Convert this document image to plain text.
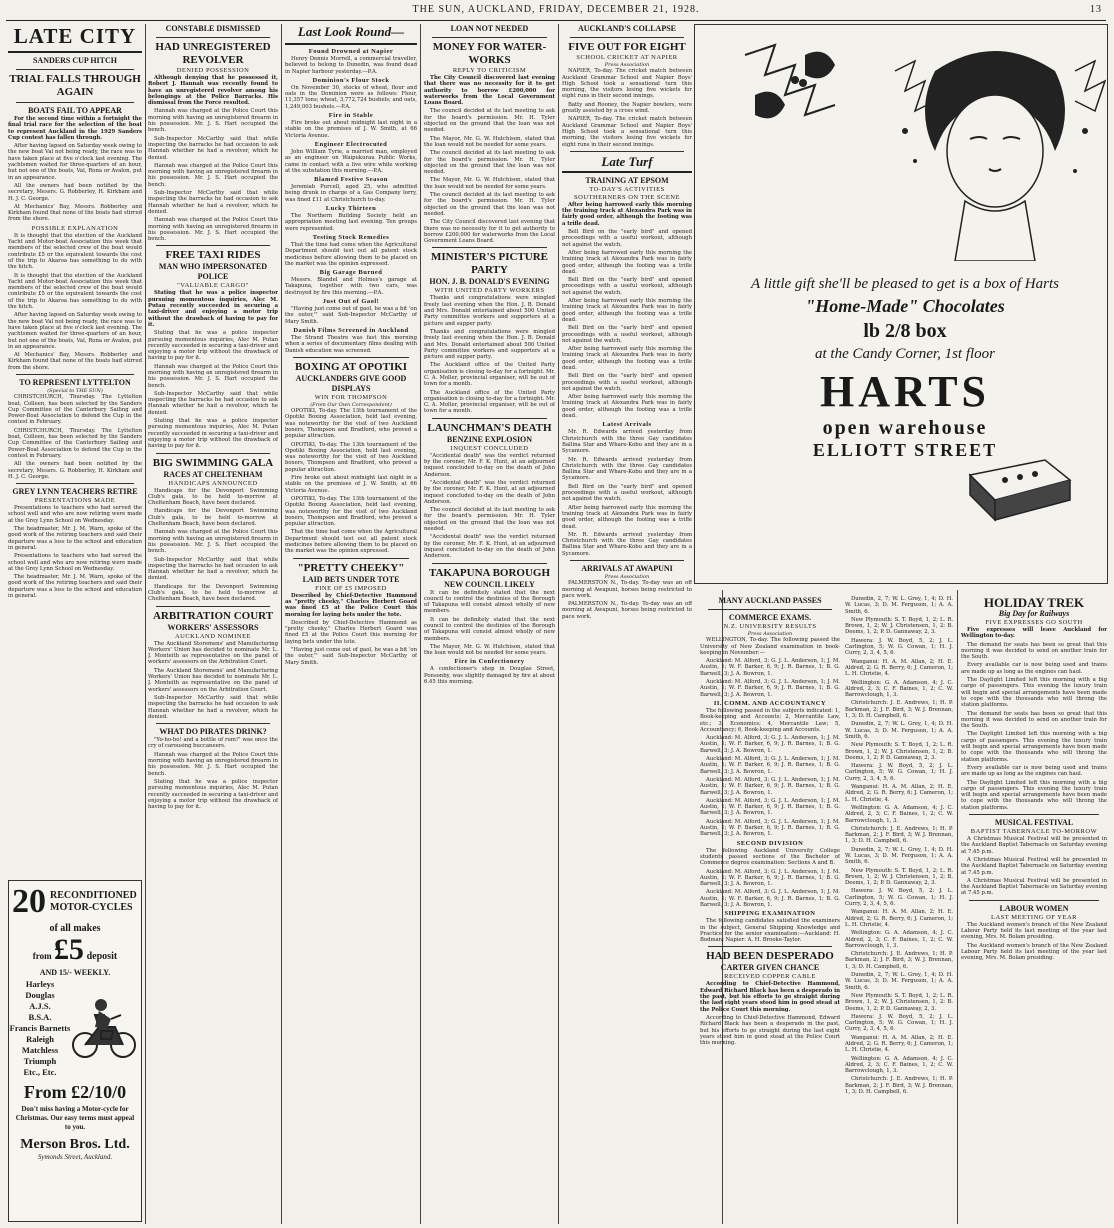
THE SUN, AUCKLAND, FRIDAY, DECEMBER 21, 1928.	13
LATE CITY
SANDERS CUP HITCH
TRIAL FALLS THROUGH AGAIN
BOATS FAIL TO APPEAR

For the second time within a fortnight the final trial race for the selection of the boat to represent Auckland in the 1929 Sanders Cup contest has fallen through.

After having lapsed on Saturday week owing to the new boat Val not being ready, the race was to have taken place at five o'clock last evening. The yachtsmen waited for three-quarters of an hour, but not one of the boats, Val, Rona or Avalon, put in an appearance.

All the owners had been notified by the secretary, Messrs. G. Robberley, H. Kirkham and H. J. C. George.

At Mechanics' Bay, Messrs. Robberley and Kirkham found that none of the boats had stirred from the shore.

POSSIBLE EXPLANATION

It is thought that the election of the Auckland Yacht and Motor-boat Association this week that members of the selected crew of the boat would contribute £5 or the equivalent towards the cost of the trip to Akaroa has something to do with the hitch.

It is thought that the election of the Auckland Yacht and Motor-boat Association this week that members of the selected crew of the boat would contribute £5 or the equivalent towards the cost of the trip to Akaroa has something to do with the hitch.

After having lapsed on Saturday week owing to the new boat Val not being ready, the race was to have taken place at five o'clock last evening. The yachtsmen waited for three-quarters of an hour, but not one of the boats, Val, Rona or Avalon, put in an appearance.

At Mechanics' Bay, Messrs. Robberley and Kirkham found that none of the boats had stirred from the shore.

TO REPRESENT LYTTELTON
(Special to THE SUN)

CHRISTCHURCH, Thursday. The Lyttelton boat, Colleen, has been selected by the Sanders Cup Committee of the Canterbury Sailing and Power-Boat Association to defend the Cup in the contest in February.

CHRISTCHURCH, Thursday. The Lyttelton boat, Colleen, has been selected by the Sanders Cup Committee of the Canterbury Sailing and Power-Boat Association to defend the Cup in the contest in February.

All the owners had been notified by the secretary, Messrs. G. Robberley, H. Kirkham and H. J. C. George.

GREY LYNN TEACHERS RETIRE
PRESENTATIONS MADE

Presentations to teachers who had served the school well and who are now retiring were made at the Grey Lynn School on Wednesday.

The headmaster, Mr. J. M. Warn, spoke of the good work of the retiring teachers and said their departure was a loss to the school and education in general.

Presentations to teachers who had served the school well and who are now retiring were made at the Grey Lynn School on Wednesday.

The headmaster, Mr. J. M. Warn, spoke of the good work of the retiring teachers and said their departure was a loss to the school and education in general.

20 RECONDITIONED
MOTOR-CYCLES
of all makes
from £5 deposit
AND 15/- WEEKLY.
Harleys
Douglas
A.J.S.
B.S.A.
Francis Barnetts
Raleigh
Matchless
Triumph
Etc., Etc.
From £2/10/0
Don't miss having a Motor-cycle for Christmas. Our easy terms must appeal to you.
Merson Bros. Ltd.
Symonds Street, Auckland.
CONSTABLE DISMISSED
HAD UNREGISTERED REVOLVER
DENIED POSSESSION

Although denying that he possessed it, Robert J. Hannah was recently found to have an unregistered revolver among his belongings at the Police Barracks. His dismissal from the Force resulted.

Hannah was charged at the Police Court this morning with having an unregistered firearm in his possession. Mr. J. S. Hart occupied the bench.

Sub-Inspector McCarthy said that while inspecting the barracks he had occasion to ask Hannah whether he had a revolver, which he denied.

Hannah was charged at the Police Court this morning with having an unregistered firearm in his possession. Mr. J. S. Hart occupied the bench.

Sub-Inspector McCarthy said that while inspecting the barracks he had occasion to ask Hannah whether he had a revolver, which he denied.

Hannah was charged at the Police Court this morning with having an unregistered firearm in his possession. Mr. J. S. Hart occupied the bench.

FREE TAXI RIDES
MAN WHO IMPERSONATED POLICE
"VALUABLE CARGO"

Stating that he was a police inspector pursuing momentous inquiries, Alec M. Putan recently succeeded in securing a taxi-driver and enjoying a motor trip without the drawback of having to pay for it.

Stating that he was a police inspector pursuing momentous inquiries, Alec M. Putan recently succeeded in securing a taxi-driver and enjoying a motor trip without the drawback of having to pay for it.

Hannah was charged at the Police Court this morning with having an unregistered firearm in his possession. Mr. J. S. Hart occupied the bench.

Sub-Inspector McCarthy said that while inspecting the barracks he had occasion to ask Hannah whether he had a revolver, which he denied.

Stating that he was a police inspector pursuing momentous inquiries, Alec M. Putan recently succeeded in securing a taxi-driver and enjoying a motor trip without the drawback of having to pay for it.

BIG SWIMMING GALA
RACES AT CHELTENHAM
HANDICAPS ANNOUNCED

Handicaps for the Devonport Swimming Club's gala, to be held to-morrow at Cheltenham Beach, have been declared.

Handicaps for the Devonport Swimming Club's gala, to be held to-morrow at Cheltenham Beach, have been declared.

Hannah was charged at the Police Court this morning with having an unregistered firearm in his possession. Mr. J. S. Hart occupied the bench.

Sub-Inspector McCarthy said that while inspecting the barracks he had occasion to ask Hannah whether he had a revolver, which he denied.

Handicaps for the Devonport Swimming Club's gala, to be held to-morrow at Cheltenham Beach, have been declared.

ARBITRATION COURT
WORKERS' ASSESSORS
AUCKLAND NOMINEE

The Auckland Storemens' and Manufacturing Workers' Union has decided to nominate Mr. L. J. Monteith as representative on the panel of workers' assessors on the Arbitration Court.

The Auckland Storemens' and Manufacturing Workers' Union has decided to nominate Mr. L. J. Monteith as representative on the panel of workers' assessors on the Arbitration Court.

Sub-Inspector McCarthy said that while inspecting the barracks he had occasion to ask Hannah whether he had a revolver, which he denied.

WHAT DO PIRATES DRINK?

"Yo-ho-ho! and a bottle of rum!" was once the cry of carousing buccaneers.

Hannah was charged at the Police Court this morning with having an unregistered firearm in his possession. Mr. J. S. Hart occupied the bench.

Stating that he was a police inspector pursuing momentous inquiries, Alec M. Putan recently succeeded in securing a taxi-driver and enjoying a motor trip without the drawback of having to pay for it.

Last Look Round—
Found Drowned at Napier

Henry Dennis Morrell, a commercial traveller, believed to belong to Dunedin, was found dead in Napier harbour yesterday.—P.A.

Dominion's Flour Stock

On November 30, stocks of wheat, flour and oats in the Dominion were as follows: Flour, 11,357 tons; wheat, 3,772,724 bushels; and oats, 1,249,003 bushels.—P.A.

Fire in Stable

Fire broke out about midnight last night in a stable on the premises of J. W. Smith, at 66 Victoria Avenue.

Engineer Electrocuted

John William Tyrie, a married man, employed as an engineer on Waipukurau Public Works, came in contact with a live wire while working at the substation this morning.—P.A.

Blamed Festive Season

Jeremiah Purcell, aged 25, who admitted being drunk in charge of a Gas Company lorry, was fined £11 at Christchurch to-day.

Lucky Thirteen

The Northern Building Society held an appropriation meeting last evening. Ten groups were represented.

Testing Stock Remedies

That the time had come when the Agricultural Department should test out all patent stock medicines before allowing them to be placed on the market was the opinion expressed.

Big Garage Burned

Messrs. Blandel and Holmes's garage at Takapuna, together with two cars, was destroyed by fire this morning.—P.A.

Just Out of Gaol!

"Having just come out of gaol, he was a bit 'on the outer,'" said Sub-Inspector McCarthy of Mary Smith.

Danish Films Screened in Auckland

The Strand Theatre was fast this morning when a series of documentary films dealing with Danish education was screened.

BOXING AT OPOTIKI
AUCKLANDERS GIVE GOOD DISPLAYS
WIN FOR THOMPSON
(From Our Own Correspondent)

OPOTIKI, To-day. The 13th tournament of the Opotiki Boxing Association, held last evening, was noteworthy for the visit of two Auckland boxers, Thompson and Bradford, who proved a popular attraction.

OPOTIKI, To-day. The 13th tournament of the Opotiki Boxing Association, held last evening, was noteworthy for the visit of two Auckland boxers, Thompson and Bradford, who proved a popular attraction.

Fire broke out about midnight last night in a stable on the premises of J. W. Smith, at 66 Victoria Avenue.

OPOTIKI, To-day. The 13th tournament of the Opotiki Boxing Association, held last evening, was noteworthy for the visit of two Auckland boxers, Thompson and Bradford, who proved a popular attraction.

That the time had come when the Agricultural Department should test out all patent stock medicines before allowing them to be placed on the market was the opinion expressed.

"PRETTY CHEEKY"
LAID BETS UNDER TOTE
FINE OF £5 IMPOSED

Described by Chief-Detective Hammond as "pretty cheeky," Charles Herbert Goard was fined £5 at the Police Court this morning for laying bets under the tote.

Described by Chief-Detective Hammond as "pretty cheeky," Charles Herbert Goard was fined £5 at the Police Court this morning for laying bets under the tote.

"Having just come out of gaol, he was a bit 'on the outer,'" said Sub-Inspector McCarthy of Mary Smith.

LOAN NOT NEEDED
MONEY FOR WATER-WORKS
REPLY TO CRITICISM

The City Council discovered last evening that there was no necessity for it to get authority to borrow £200,000 for waterworks from the Local Government Loans Board.

The council decided at its last meeting to ask for the board's permission. Mr. H. Tyler objected on the ground that the loan was not needed.

The Mayor, Mr. G. W. Hutchison, stated that the loan would not be needed for some years.

The council decided at its last meeting to ask for the board's permission. Mr. H. Tyler objected on the ground that the loan was not needed.

The Mayor, Mr. G. W. Hutchison, stated that the loan would not be needed for some years.

The council decided at its last meeting to ask for the board's permission. Mr. H. Tyler objected on the ground that the loan was not needed.

The City Council discovered last evening that there was no necessity for it to get authority to borrow £200,000 for waterworks from the Local Government Loans Board.

MINISTER'S PICTURE PARTY
HON. J. B. DONALD'S EVENING
WITH UNITED PARTY WORKERS

Thanks and congratulations were mingled freely last evening when the Hon. J. B. Donald and Mrs. Donald entertained about 500 United Party committee workers and supporters at a picture and supper party.

Thanks and congratulations were mingled freely last evening when the Hon. J. B. Donald and Mrs. Donald entertained about 500 United Party committee workers and supporters at a picture and supper party.

The Auckland office of the United Party organisation is closing to-day for a fortnight. Mr. C. A. Moller, provincial organiser, will be out of town for a month.

The Auckland office of the United Party organisation is closing to-day for a fortnight. Mr. C. A. Moller, provincial organiser, will be out of town for a month.

LAUNCHMAN'S DEATH
BENZINE EXPLOSION
INQUEST CONCLUDED

"Accidental death" was the verdict returned by the coroner, Mr. F. K. Hunt, at an adjourned inquest concluded to-day on the death of John Anderson.

"Accidental death" was the verdict returned by the coroner, Mr. F. K. Hunt, at an adjourned inquest concluded to-day on the death of John Anderson.

The council decided at its last meeting to ask for the board's permission. Mr. H. Tyler objected on the ground that the loan was not needed.

"Accidental death" was the verdict returned by the coroner, Mr. F. K. Hunt, at an adjourned inquest concluded to-day on the death of John Anderson.

TAKAPUNA BOROUGH
NEW COUNCIL LIKELY

It can be definitely stated that the next council to control the destinies of the Borough of Takapuna will consist almost wholly of new members.

It can be definitely stated that the next council to control the destinies of the Borough of Takapuna will consist almost wholly of new members.

The Mayor, Mr. G. W. Hutchison, stated that the loan would not be needed for some years.

Fire in Confectionery

A confectioner's shop in Douglas Street, Ponsonby, was slightly damaged by fire at about 6.45 this morning.

AUCKLAND'S COLLAPSE
FIVE OUT FOR EIGHT
SCHOOL CRICKET AT NAPIER
Press Association

NAPIER, To-day. The cricket match between Auckland Grammar School and Napier Boys' High School took a sensational turn this morning, the visitors losing five wickets for eight runs in their second innings.

Batty and Rooney, the Napier bowlers, were greatly assisted by a cross wind.

NAPIER, To-day. The cricket match between Auckland Grammar School and Napier Boys' High School took a sensational turn this morning, the visitors losing five wickets for eight runs in their second innings.

Late Turf
TRAINING AT EPSOM
TO-DAY'S ACTIVITIES
SOUTHERNERS ON THE SCENE

After being harrowed early this morning the training track at Alexandra Park was in fairly good order, although the footing was a trifle dead.

Bell Bird on the "early bird" and opened proceedings with a useful workout, although not against the watch.

After being harrowed early this morning the training track at Alexandra Park was in fairly good order, although the footing was a trifle dead.

Bell Bird on the "early bird" and opened proceedings with a useful workout, although not against the watch.

After being harrowed early this morning the training track at Alexandra Park was in fairly good order, although the footing was a trifle dead.

Bell Bird on the "early bird" and opened proceedings with a useful workout, although not against the watch.

After being harrowed early this morning the training track at Alexandra Park was in fairly good order, although the footing was a trifle dead.

Bell Bird on the "early bird" and opened proceedings with a useful workout, although not against the watch.

After being harrowed early this morning the training track at Alexandra Park was in fairly good order, although the footing was a trifle dead.

Latest Arrivals

Mr. R. Edwards arrived yesterday from Christchurch with the three Gay candidates Ballina Star and Whare-Kobu and they are in a Sycamore.

Mr. R. Edwards arrived yesterday from Christchurch with the three Gay candidates Ballina Star and Whare-Kobu and they are in a Sycamore.

Bell Bird on the "early bird" and opened proceedings with a useful workout, although not against the watch.

After being harrowed early this morning the training track at Alexandra Park was in fairly good order, although the footing was a trifle dead.

Mr. R. Edwards arrived yesterday from Christchurch with the three Gay candidates Ballina Star and Whare-Kobu and they are in a Sycamore.

ARRIVALS AT AWAPUNI
Press Association

PALMERSTON N., To-day. To-day was an off morning at Awapuni, horses being restricted to pace work.

PALMERSTON N., To-day. To-day was an off morning at Awapuni, horses being restricted to pace work.

A little gift she'll be pleased to get is a box of Harts
"Home-Made" Chocolates
lb 2/8 box
at the Candy Corner, 1st floor
HARTS
open warehouse
ELLIOTT STREET
MANY AUCKLAND PASSES
COMMERCE EXAMS.
N.Z. UNIVERSITY RESULTS
Press Association

WELLINGTON, To-day. The following passed the University of New Zealand examination in book-keeping in November:—

Auckland: M. Alford, 3; G. J. L. Anderson, 1; J. M. Austin, 1; W. F. Barker, 6, 9; J. R. Barnes, 1; B. G. Barwell, 3; J. A. Bowron, 1.

Auckland: M. Alford, 3; G. J. L. Anderson, 1; J. M. Austin, 1; W. F. Barker, 6, 9; J. R. Barnes, 1; B. G. Barwell, 3; J. A. Bowron, 1.

II. COMM. AND ACCOUNTANCY

The following passed in the subjects indicated: 1, Book-keeping and Accounts; 2, Mercantile Law, etc.; 3, Economics; 4, Mercantile Law; 5, Accountancy; 6, Book-keeping and Accounts.

Auckland: M. Alford, 3; G. J. L. Anderson, 1; J. M. Austin, 1; W. F. Barker, 6, 9; J. R. Barnes, 1; B. G. Barwell, 3; J. A. Bowron, 1.

Auckland: M. Alford, 3; G. J. L. Anderson, 1; J. M. Austin, 1; W. F. Barker, 6, 9; J. R. Barnes, 1; B. G. Barwell, 3; J. A. Bowron, 1.

Auckland: M. Alford, 3; G. J. L. Anderson, 1; J. M. Austin, 1; W. F. Barker, 6, 9; J. R. Barnes, 1; B. G. Barwell, 3; J. A. Bowron, 1.

Auckland: M. Alford, 3; G. J. L. Anderson, 1; J. M. Austin, 1; W. F. Barker, 6, 9; J. R. Barnes, 1; B. G. Barwell, 3; J. A. Bowron, 1.

Auckland: M. Alford, 3; G. J. L. Anderson, 1; J. M. Austin, 1; W. F. Barker, 6, 9; J. R. Barnes, 1; B. G. Barwell, 3; J. A. Bowron, 1.

SECOND DIVISION

The following Auckland University College students passed sections of the Bachelor of Commerce degree examination: Sections A and B.

Auckland: M. Alford, 3; G. J. L. Anderson, 1; J. M. Austin, 1; W. F. Barker, 6, 9; J. R. Barnes, 1; B. G. Barwell, 3; J. A. Bowron, 1.

Auckland: M. Alford, 3; G. J. L. Anderson, 1; J. M. Austin, 1; W. F. Barker, 6, 9; J. R. Barnes, 1; B. G. Barwell, 3; J. A. Bowron, 1.

SHIPPING EXAMINATION

The following candidates satisfied the examiners in the subject, General Shipping Knowledge and Practice for the senior examination:—Auckland: H. Bodman; Napier: A. H. Brooke-Taylor.

HAD BEEN DESPERADO
CARTER GIVEN CHANCE
RECEIVED COPPER CABLE

According to Chief-Detective Hammond, Edward Richard Black has been a desperado in the past, but his efforts to go straight during the last eight years stood him in good stead at the Police Court this morning.

According to Chief-Detective Hammond, Edward Richard Black has been a desperado in the past, but his efforts to go straight during the last eight years stood him in good stead at the Police Court this morning.

Dunedin, 2, 7; W. L. Grey, 1, 4; D. H. W. Lucas, 3; D. M. Ferguson, 1; A. A. Smith, 6.

New Plymouth: S. T. Boyd, 1, 2; L. R. Brown, 1, 2; W. J. Christensen, 1, 2; B. Deems, 1, 2; P. D. Gannaway, 2, 3.

Hawera: J. W. Boyd, 5, 2; J. L. Carlington, 5; W. G. Cowan, 1; H. J. Curry, 2, 3, 4, 5, 6.

Wanganui: H. A. M. Allan, 2; H. E. Aldred, 2; G. R. Berry, 6; J. Cameron, 1; L. H. Christie, 4.

Wellington: G. A. Adamson, 4; J. C. Aldred, 2, 3; C. F. Baines, 1, 2; C. W. Barrowclough, 1, 3.

Christchurch: J. E. Andrews, 1; H. P. Barkman, 2; J. F. Bird, 3; W. J. Brennan, 1, 3; D. H. Campbell, 6.

Dunedin, 2, 7; W. L. Grey, 1, 4; D. H. W. Lucas, 3; D. M. Ferguson, 1; A. A. Smith, 6.

New Plymouth: S. T. Boyd, 1, 2; L. R. Brown, 1, 2; W. J. Christensen, 1, 2; B. Deems, 1, 2; P. D. Gannaway, 2, 3.

Hawera: J. W. Boyd, 5, 2; J. L. Carlington, 5; W. G. Cowan, 1; H. J. Curry, 2, 3, 4, 5, 6.

Wanganui: H. A. M. Allan, 2; H. E. Aldred, 2; G. R. Berry, 6; J. Cameron, 1; L. H. Christie, 4.

Wellington: G. A. Adamson, 4; J. C. Aldred, 2, 3; C. F. Baines, 1, 2; C. W. Barrowclough, 1, 3.

Christchurch: J. E. Andrews, 1; H. P. Barkman, 2; J. F. Bird, 3; W. J. Brennan, 1, 3; D. H. Campbell, 6.

Dunedin, 2, 7; W. L. Grey, 1, 4; D. H. W. Lucas, 3; D. M. Ferguson, 1; A. A. Smith, 6.

New Plymouth: S. T. Boyd, 1, 2; L. R. Brown, 1, 2; W. J. Christensen, 1, 2; B. Deems, 1, 2; P. D. Gannaway, 2, 3.

Hawera: J. W. Boyd, 5, 2; J. L. Carlington, 5; W. G. Cowan, 1; H. J. Curry, 2, 3, 4, 5, 6.

Wanganui: H. A. M. Allan, 2; H. E. Aldred, 2; G. R. Berry, 6; J. Cameron, 1; L. H. Christie, 4.

Wellington: G. A. Adamson, 4; J. C. Aldred, 2, 3; C. F. Baines, 1, 2; C. W. Barrowclough, 1, 3.

Christchurch: J. E. Andrews, 1; H. P. Barkman, 2; J. F. Bird, 3; W. J. Brennan, 1, 3; D. H. Campbell, 6.

Dunedin, 2, 7; W. L. Grey, 1, 4; D. H. W. Lucas, 3; D. M. Ferguson, 1; A. A. Smith, 6.

New Plymouth: S. T. Boyd, 1, 2; L. R. Brown, 1, 2; W. J. Christensen, 1, 2; B. Deems, 1, 2; P. D. Gannaway, 2, 3.

Hawera: J. W. Boyd, 5, 2; J. L. Carlington, 5; W. G. Cowan, 1; H. J. Curry, 2, 3, 4, 5, 6.

Wanganui: H. A. M. Allan, 2; H. E. Aldred, 2; G. R. Berry, 6; J. Cameron, 1; L. H. Christie, 4.

Wellington: G. A. Adamson, 4; J. C. Aldred, 2, 3; C. F. Baines, 1, 2; C. W. Barrowclough, 1, 3.

Christchurch: J. E. Andrews, 1; H. P. Barkman, 2; J. F. Bird, 3; W. J. Brennan, 1, 3; D. H. Campbell, 6.

HOLIDAY TREK
Big Day for Railways
FIVE EXPRESSES GO SOUTH

Five expresses will leave Auckland for Wellington to-day.

The demand for seats has been so great that this morning it was decided to send on another train for the South.

Every available car is now being used and trains are made up as long as the engines can haul.

The Daylight Limited left this morning with a big cargo of passengers. This evening the luxury train will begin and special arrangements have been made to cope with the thousands who will throng the station platforms.

The demand for seats has been so great that this morning it was decided to send on another train for the South.

The Daylight Limited left this morning with a big cargo of passengers. This evening the luxury train will begin and special arrangements have been made to cope with the thousands who will throng the station platforms.

Every available car is now being used and trains are made up as long as the engines can haul.

The Daylight Limited left this morning with a big cargo of passengers. This evening the luxury train will begin and special arrangements have been made to cope with the thousands who will throng the station platforms.

MUSICAL FESTIVAL
BAPTIST TABERNACLE TO-MORROW

A Christmas Musical Festival will be presented in the Auckland Baptist Tabernacle on Saturday evening at 7.45 p.m.

A Christmas Musical Festival will be presented in the Auckland Baptist Tabernacle on Saturday evening at 7.45 p.m.

A Christmas Musical Festival will be presented in the Auckland Baptist Tabernacle on Saturday evening at 7.45 p.m.

LABOUR WOMEN
LAST MEETING OF YEAR

The Auckland women's branch of the New Zealand Labour Party held its last meeting of the year last evening, Mrs. M. Bolam presiding.

The Auckland women's branch of the New Zealand Labour Party held its last meeting of the year last evening, Mrs. M. Bolam presiding.
